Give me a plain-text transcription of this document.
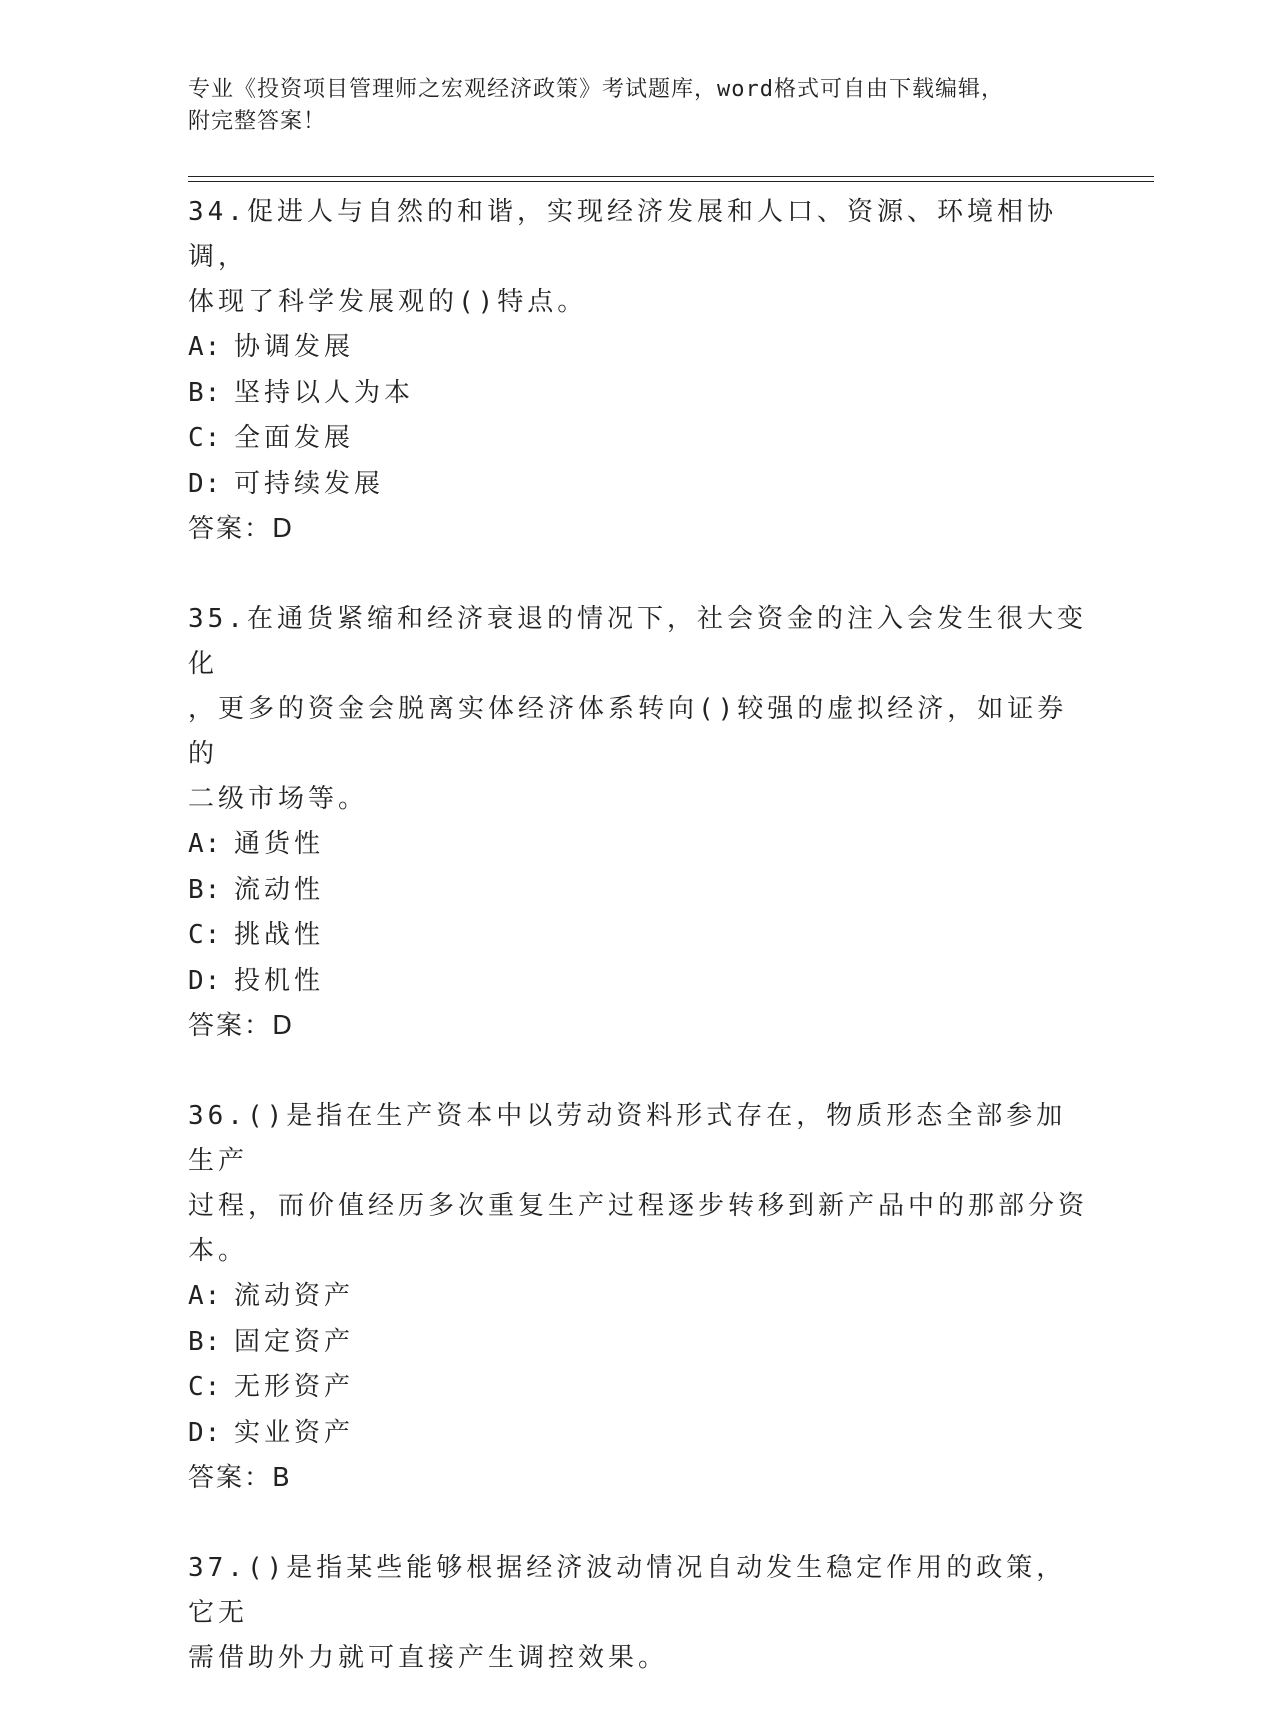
专业《投资项目管理师之宏观经济政策》考试题库，word格式可自由下载编辑，
附完整答案！
34.促进人与自然的和谐，实现经济发展和人口、资源、环境相协调，
体现了科学发展观的()特点。
A: 协调发展
B: 坚持以人为本
C: 全面发展
D: 可持续发展
答案：D
35.在通货紧缩和经济衰退的情况下，社会资金的注入会发生很大变化
，更多的资金会脱离实体经济体系转向()较强的虚拟经济，如证券的
二级市场等。
A: 通货性
B: 流动性
C: 挑战性
D: 投机性
答案：D
36.()是指在生产资本中以劳动资料形式存在，物质形态全部参加生产
过程，而价值经历多次重复生产过程逐步转移到新产品中的那部分资
本。
A: 流动资产
B: 固定资产
C: 无形资产
D: 实业资产
答案：B
37.()是指某些能够根据经济波动情况自动发生稳定作用的政策，它无
需借助外力就可直接产生调控效果。
